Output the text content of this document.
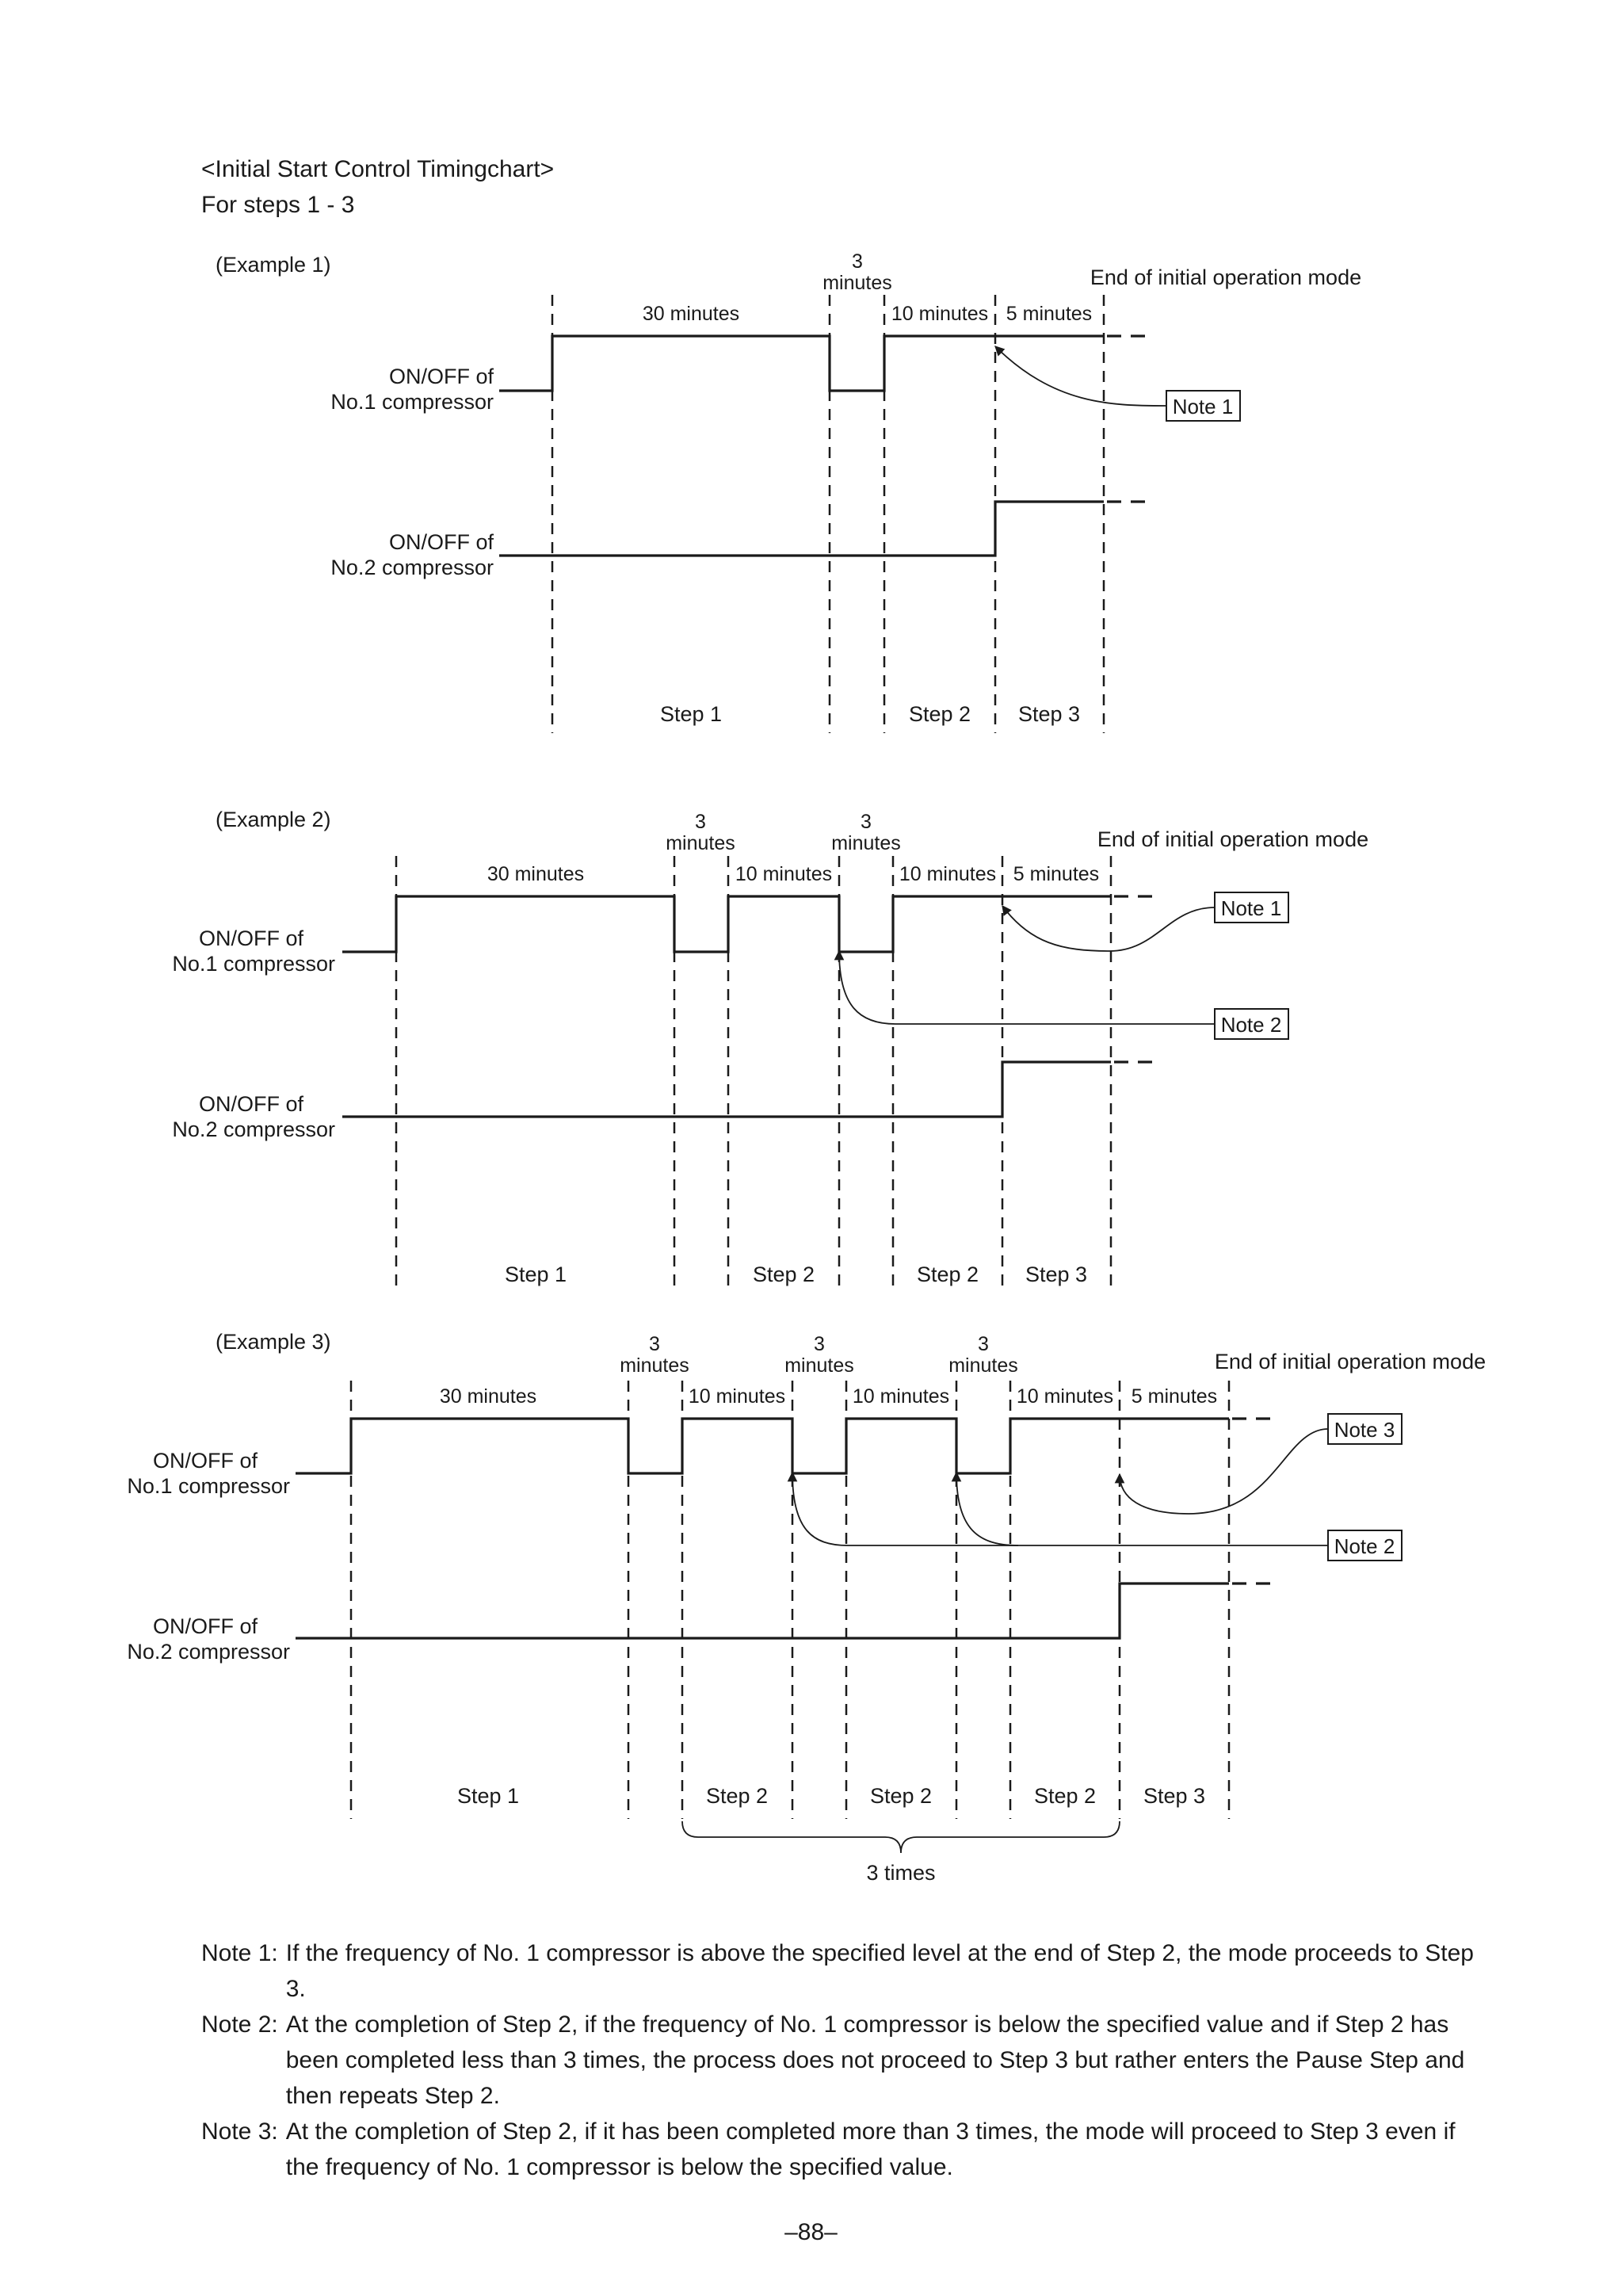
<Initial Start Control Timingchart>
For steps 1 - 3
(Example 1)	3
minutes	End of initial operation mode
30 minutes	10 minutes 5 minutes
ON/OFF of
No.1 compressor
ON/OFF of
No.2 compressor
Note 1
Step 1	Step 2 Step 3
(Example 2)	3
minutes
3
minutes	End of initial operation mode
30 minutes	10 minutes	10 minutes 5 minutes
ON/OFF of
No.1 compressor
ON/OFF of
No.2 compressor
Note 1
Note 2
Step 1	Step 2	Step 2 Step 3
(Example 3)	3
minutes
3
minutes
3
minutes	End of initial operation mode
30 minutes	10 minutes	10 minutes	10 minutes 5 minutes
ON/OFF of
No.1 compressor
ON/OFF of
No.2 compressor
Note 3
Note 2
Step 1	Step 2	Step 2	Step 2 Step 3
3 times
Note 1: If the frequency of No. 1 compressor is above the specified level at the end of Step 2, the mode proceeds to Step 3.
Note 2: At the completion of Step 2, if the frequency of No. 1 compressor is below the specified value and if Step 2 has been completed less than 3 times, the process does not proceed to Step 3 but rather enters the Pause Step and then repeats Step 2.
Note 3: At the completion of Step 2, if it has been completed more than 3 times, the mode will proceed to Step 3 even if the frequency of No. 1 compressor is below the specified value.
–88–
